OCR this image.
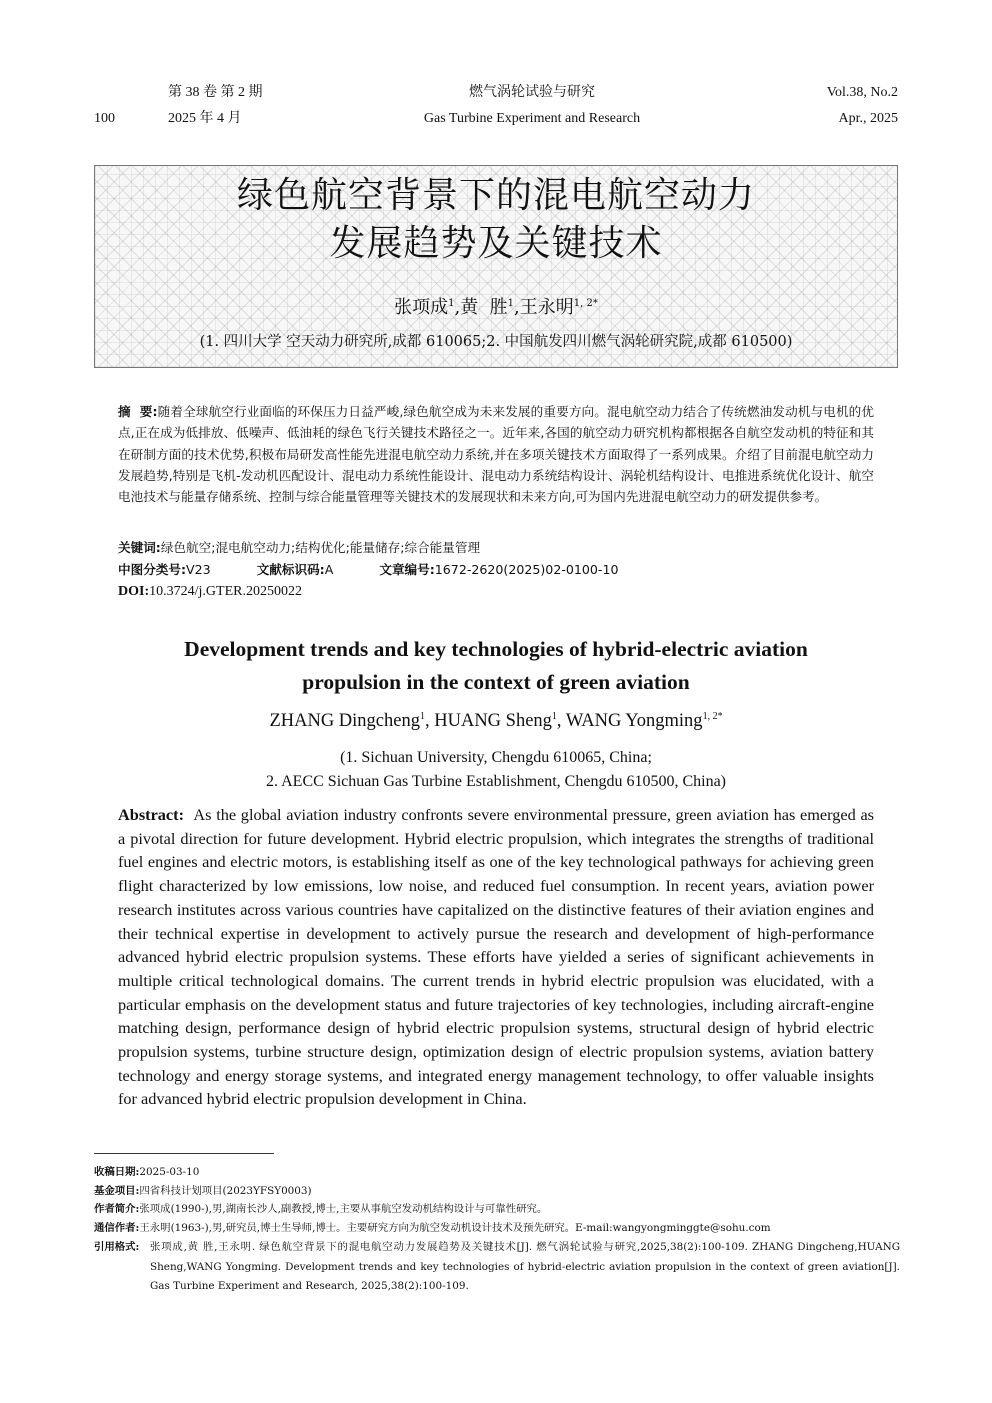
第 38 卷 第 2 期	燃气涡轮试验与研究	Vol.38, No.2
100	2025 年 4 月	Gas Turbine Experiment and Research	Apr., 2025
绿色航空背景下的混电航空动力
发展趋势及关键技术
张项成$^1$,黄  胜$^1$,王永明$^{1, 2*}$
(1. 四川大学 空天动力研究所,成都 610065;2. 中国航发四川燃气涡轮研究院,成都 610500)
摘  要:随着全球航空行业面临的环保压力日益严峻,绿色航空成为未来发展的重要方向。混电航空动力结合了传统燃油发动机与电机的优点,正在成为低排放、低噪声、低油耗的绿色飞行关键技术路径之一。近年来,各国的航空动力研究机构都根据各自航空发动机的特征和其在研制方面的技术优势,积极布局研发高性能先进混电航空动力系统,并在多项关键技术方面取得了一系列成果。介绍了目前混电航空动力发展趋势,特别是飞机-发动机匹配设计、混电动力系统性能设计、混电动力系统结构设计、涡轮机结构设计、电推进系统优化设计、航空电池技术与能量存储系统、控制与综合能量管理等关键技术的发展现状和未来方向,可为国内先进混电航空动力的研发提供参考。
关键词:绿色航空;混电航空动力;结构优化;能量储存;综合能量管理
中图分类号:V23	文献标识码:A	文章编号:1672-2620(2025)02-0100-10
DOI:10.3724/j.GTER.20250022
Development trends and key technologies of hybrid-electric aviation
propulsion in the context of green aviation
ZHANG Dingcheng$^1$, HUANG Sheng$^1$, WANG Yongming$^{1, 2*}$
(1. Sichuan University, Chengdu 610065, China;
2. AECC Sichuan Gas Turbine Establishment, Chengdu 610500, China)
Abstract: As the global aviation industry confronts severe environmental pressure, green aviation has emerged as a pivotal direction for future development. Hybrid electric propulsion, which integrates the strengths of traditional fuel engines and electric motors, is establishing itself as one of the key technological pathways for achieving green flight characterized by low emissions, low noise, and reduced fuel consumption. In recent years, aviation power research institutes across various countries have capitalized on the distinctive features of their aviation engines and their technical expertise in development to actively pursue the research and development of high-performance advanced hybrid electric propulsion systems. These efforts have yielded a series of significant achievements in multiple critical technological domains. The current trends in hybrid electric propulsion was elucidated, with a particular emphasis on the development status and future trajectories of key technologies, including aircraft-engine matching design, performance design of hybrid electric propulsion systems, structural design of hybrid electric propulsion systems, turbine structure design, optimization design of electric propulsion systems, aviation battery technology and energy storage systems, and integrated energy management technology, to offer valuable insights for advanced hybrid electric propulsion development in China.
收稿日期:2025-03-10
基金项目:四省科技计划项目(2023YFSY0003)
作者简介:张项成(1990-),男,湖南长沙人,副教授,博士,主要从事航空发动机结构设计与可靠性研究。
通信作者:王永明(1963-),男,研究员,博士生导师,博士。主要研究方向为航空发动机设计技术及预先研究。E-mail:wangyongminggte@sohu.com
引用格式: 张项成,黄 胜,王永明. 绿色航空背景下的混电航空动力发展趋势及关键技术[J]. 燃气涡轮试验与研究,2025,38(2):100-109. ZHANG Dingcheng,HUANG Sheng,WANG Yongming. Development trends and key technologies of hybrid-electric aviation propulsion in the context of green aviation[J]. Gas Turbine Experiment and Research, 2025,38(2):100-109.
